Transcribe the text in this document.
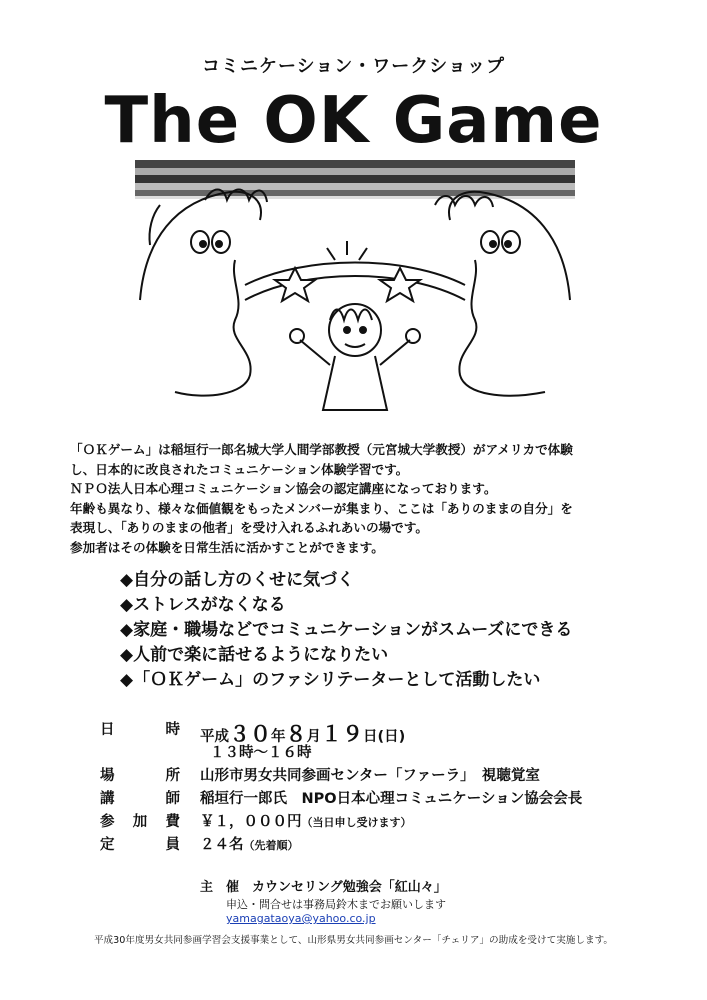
コミニケーション・ワークショップ
The OK Game

「ＯＫゲーム」は稲垣行一郎名城大学人間学部教授（元宮城大学教授）がアメリカで体験

し、日本的に改良されたコミュニケーション体験学習です。

ＮＰＯ法人日本心理コミュニケーション協会の認定講座になっております。

年齢も異なり、様々な価値観をもったメンバーが集まり、ここは「ありのままの自分」を

表現し、「ありのままの他者」を受け入れるふれあいの場です。

参加者はその体験を日常生活に活かすことができます。

◆自分の話し方のくせに気づく
◆ストレスがなくなる
◆家庭・職場などでコミュニケーションがスムーズにできる
◆人前で楽に話せるようになりたい
◆「ＯＫゲーム」のファシリテーターとして活動したい
日	時 平成３０年８月１９日(日)
１３時～１６時
場	所 山形市男女共同参画センター「ファーラ」　視聴覚室
講	師 稲垣行一郎氏　NPO日本心理コミュニケーション協会会長
参 加 費 ￥１，０００円（当日申し受けます）
定	員 ２４名（先着順）
主　催　カウンセリング勉強会「紅山々」
申込・問合せは事務局鈴木までお願いします
yamagataoya@yahoo.co.jp
平成30年度男女共同参画学習会支援事業として、山形県男女共同参画センター「チェリア」の助成を受けて実施します。
